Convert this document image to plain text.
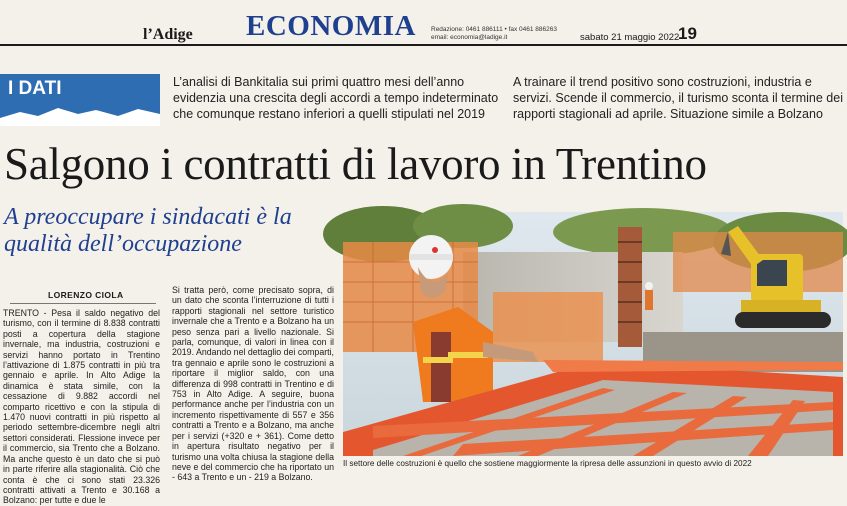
l’Adige ECONOMIA Redazione: 0461 886111 • fax 0461 886263
email: economia@ladige.it	sabato 21 maggio 2022
19
I DATI	L’analisi di Bankitalia sui primi quattro mesi dell’anno evidenzia una crescita degli accordi a tempo indeterminato che comunque restano inferiori a quelli stipulati nel 2019
A trainare il trend positivo sono costruzioni, industria e servizi. Scende il commercio, il turismo sconta il termine dei rapporti stagionali ad aprile. Situazione simile a Bolzano
Salgono i contratti di lavoro in Trentino
A preoccupare i sindacati è la qualità dell’occupazione
LORENZO CIOLA
TRENTO - Pesa il saldo negativo del turismo, con il termine di 8.838 contratti posti a copertura della stagione invernale, ma industria, costruzioni e servizi hanno portato in Trentino l’attivazione di 1.875 contratti in più tra gennaio e aprile. In Alto Adige la dinamica è stata simile, con la cessazione di 9.882 accordi nel comparto ricettivo e con la stipula di 1.470 nuovi contratti in più rispetto al periodo settembre-dicembre negli altri settori considerati. Flessione invece per il commercio, sia Trento che a Bolzano. Ma anche questo è un dato che si può in parte riferire alla stagionalità. Ciò che conta è che ci sono stati 23.326 contratti attivati a Trento e 30.168 a Bolzano: per tutte e due le
Si tratta però, come precisato sopra, di un dato che sconta l’interruzione di tutti i rapporti stagionali nel settore turistico invernale che a Trento e a Bolzano ha un peso senza pari a livello nazionale. Si parla, comunque, di valori in linea con il 2019. Andando nel dettaglio dei comparti, tra gennaio e aprile sono le costruzioni a riportare il miglior saldo, con una differenza di 998 contratti in Trentino e di 753 in Alto Adige. A seguire, buona performance anche per l’industria con un incremento rispettivamente di 557 e 356 contratti a Trento e a Bolzano, ma anche per i servizi (+320 e + 361). Come detto in apertura risultato negativo per il turismo una volta chiusa la stagione della neve e del commercio che ha riportato un - 643 a Trento e un - 219 a Bolzano.
Il settore delle costruzioni è quello che sostiene maggiormente la ripresa delle assunzioni in questo avvio di 2022
